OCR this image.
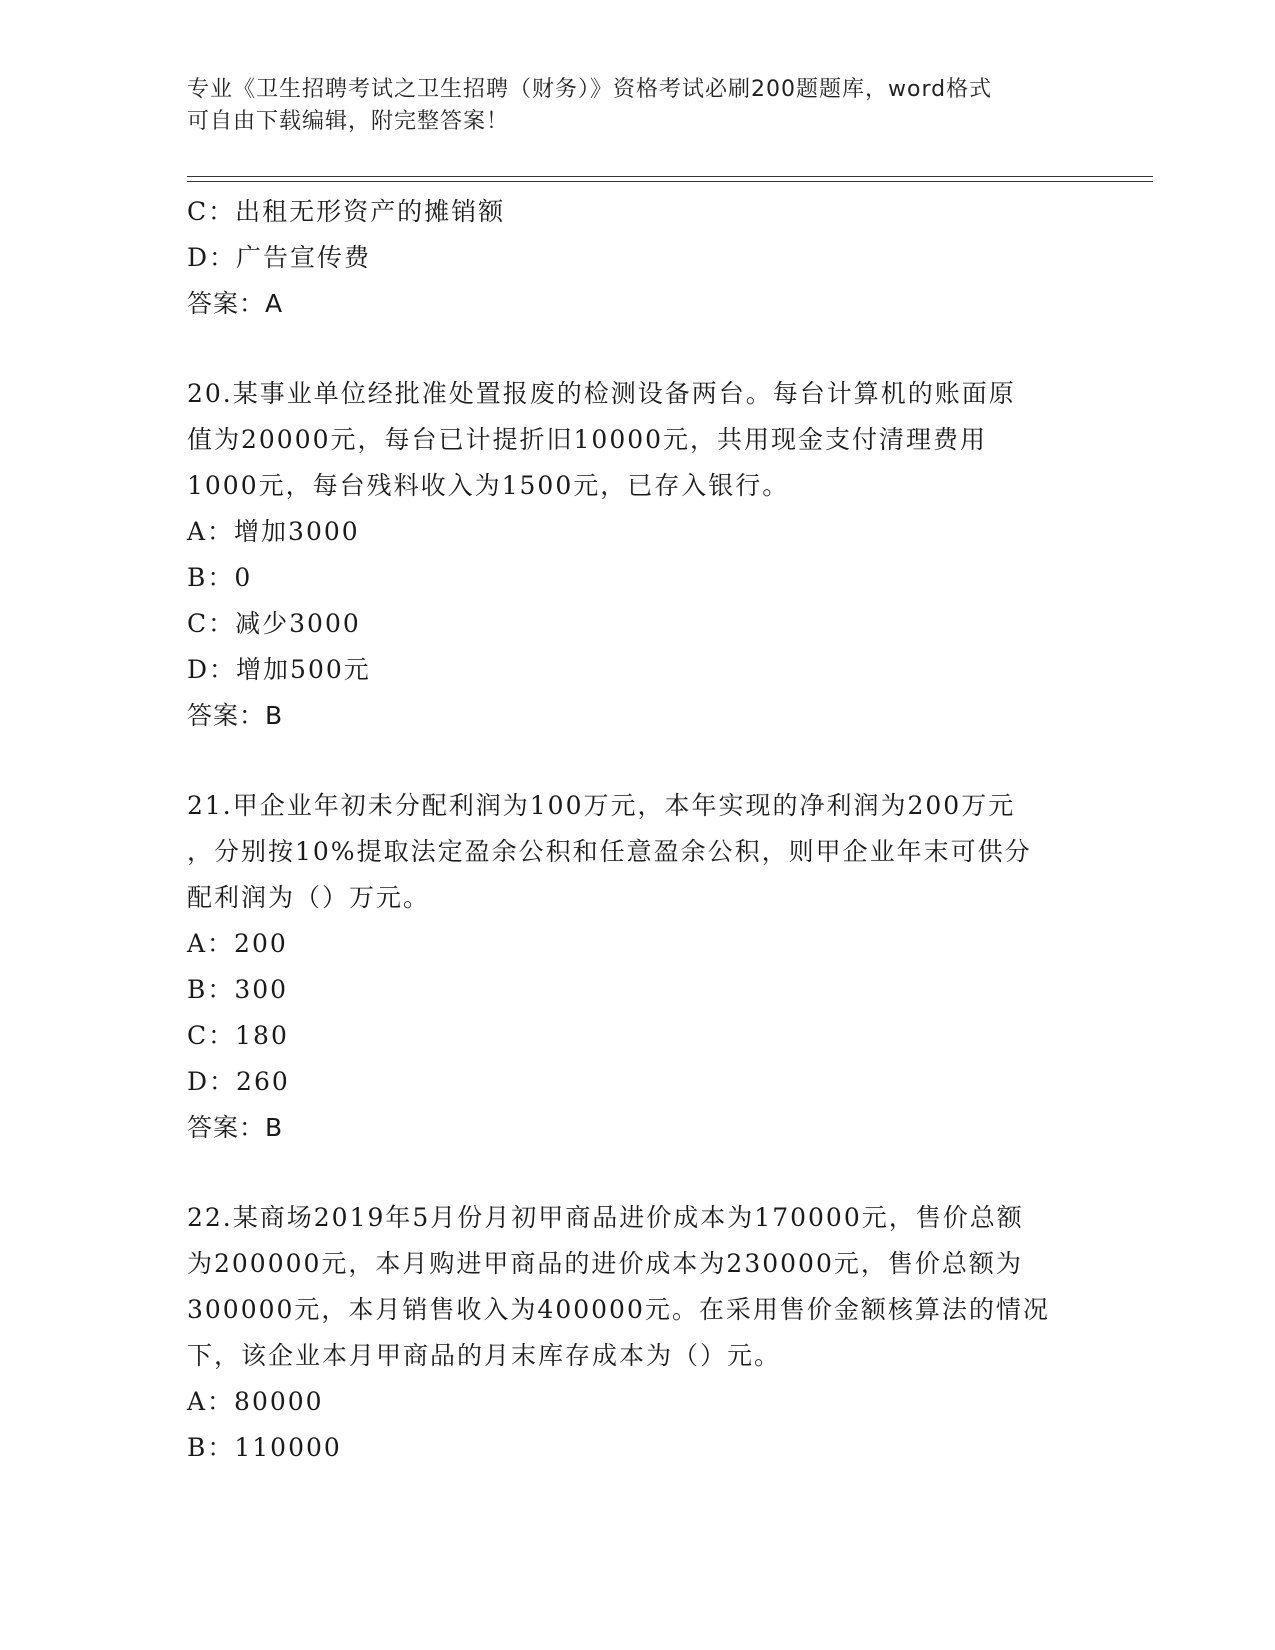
专业《卫生招聘考试之卫生招聘（财务）》资格考试必刷200题题库，word格式
可自由下载编辑，附完整答案！
C：出租无形资产的摊销额
D：广告宣传费
答案：A
20.某事业单位经批准处置报废的检测设备两台。每台计算机的账面原
值为20000元，每台已计提折旧10000元，共用现金支付清理费用
1000元，每台残料收入为1500元，已存入银行。
A：增加3000
B：0
C：减少3000
D：增加500元
答案：B
21.甲企业年初未分配利润为100万元，本年实现的净利润为200万元
，分别按10%提取法定盈余公积和任意盈余公积，则甲企业年末可供分
配利润为（）万元。
A：200
B：300
C：180
D：260
答案：B
22.某商场2019年5月份月初甲商品进价成本为170000元，售价总额
为200000元，本月购进甲商品的进价成本为230000元，售价总额为
300000元，本月销售收入为400000元。在采用售价金额核算法的情况
下，该企业本月甲商品的月末库存成本为（）元。
A：80000
B：110000
